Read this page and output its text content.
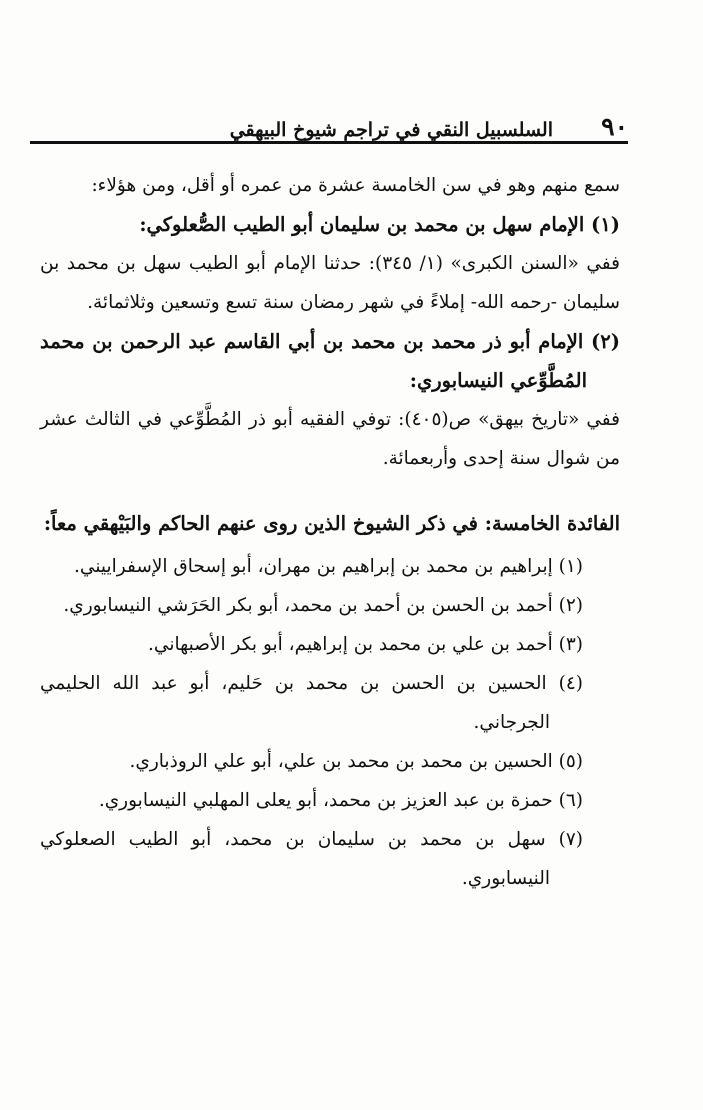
٩٠
السلسبيل النقي في تراجم شيوخ البيهقي

سمع منهم وهو في سن الخامسة عشرة من عمره أو أقل، ومن هؤلاء:

(١) الإمام سهل بن محمد بن سليمان أبو الطيب الصُّعلوكي:

ففي «السنن الكبرى» (١/ ٣٤٥): حدثنا الإمام أبو الطيب سهل بن محمد بن سليمان -رحمه الله- إملاءً في شهر رمضان سنة تسع وتسعين وثلاثمائة.

(٢) الإمام أبو ذر محمد بن محمد بن أبي القاسم عبد الرحمن بن محمد المُطَّوِّعي النيسابوري:

ففي «تاريخ بيهق» ص(٤٠٥): توفي الفقيه أبو ذر المُطَّوِّعي في الثالث عشر من شوال سنة إحدى وأربعمائة.

الفائدة الخامسة: في ذكر الشيوخ الذين روى عنهم الحاكم والبَيْهقي معاً:

(١) إبراهيم بن محمد بن إبراهيم بن مهران، أبو إسحاق الإسفراييني.

(٢) أحمد بن الحسن بن أحمد بن محمد، أبو بكر الحَرَشي النيسابوري.

(٣) أحمد بن علي بن محمد بن إبراهيم، أبو بكر الأصبهاني.

(٤) الحسين بن الحسن بن محمد بن حَليم، أبو عبد الله الحليمي الجرجاني.

(٥) الحسين بن محمد بن محمد بن علي، أبو علي الروذباري.

(٦) حمزة بن عبد العزيز بن محمد، أبو يعلى المهلبي النيسابوري.

(٧) سهل بن محمد بن سليمان بن محمد، أبو الطيب الصعلوكي النيسابوري.
